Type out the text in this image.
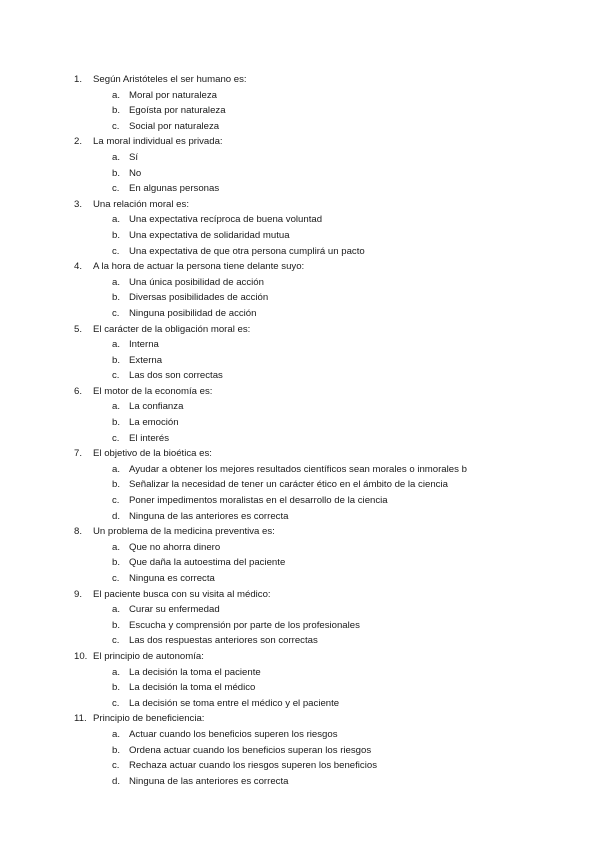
1.	Según Aristóteles el ser humano es:
a. Moral por naturaleza
b. Egoísta por naturaleza
c. Social por naturaleza
2.	La moral individual es privada:
a. Sí
b. No
c. En algunas personas
3.	Una relación moral es:
a. Una expectativa recíproca de buena voluntad
b. Una expectativa de solidaridad mutua
c. Una expectativa de que otra persona cumplirá un pacto
4.	A la hora de actuar la persona tiene delante suyo:
a. Una única posibilidad de acción
b. Diversas posibilidades de acción
c. Ninguna posibilidad de acción
5.	El carácter de la obligación moral es:
a. Interna
b. Externa
c. Las dos son correctas
6.	El motor de la economía es:
a. La confianza
b. La emoción
c. El interés
7.	El objetivo de la bioética es:
a. Ayudar a obtener los mejores resultados científicos sean morales o inmorales b
b. Señalizar la necesidad de tener un carácter ético en el ámbito de la ciencia
c. Poner impedimentos moralistas en el desarrollo de la ciencia
d. Ninguna de las anteriores es correcta
8.	Un problema de la medicina preventiva es:
a. Que no ahorra dinero
b. Que daña la autoestima del paciente
c. Ninguna es correcta
9.	El paciente busca con su visita al médico:
a. Curar su enfermedad
b. Escucha y comprensión por parte de los profesionales
c. Las dos respuestas anteriores son correctas
10. El principio de autonomía:
a. La decisión la toma el paciente
b. La decisión la toma el médico
c. La decisión se toma entre el médico y el paciente
11. Principio de beneficiencia:
a. Actuar cuando los beneficios superen los riesgos
b. Ordena actuar cuando los beneficios superan los riesgos
c. Rechaza actuar cuando los riesgos superen los beneficios
d. Ninguna de las anteriores es correcta
